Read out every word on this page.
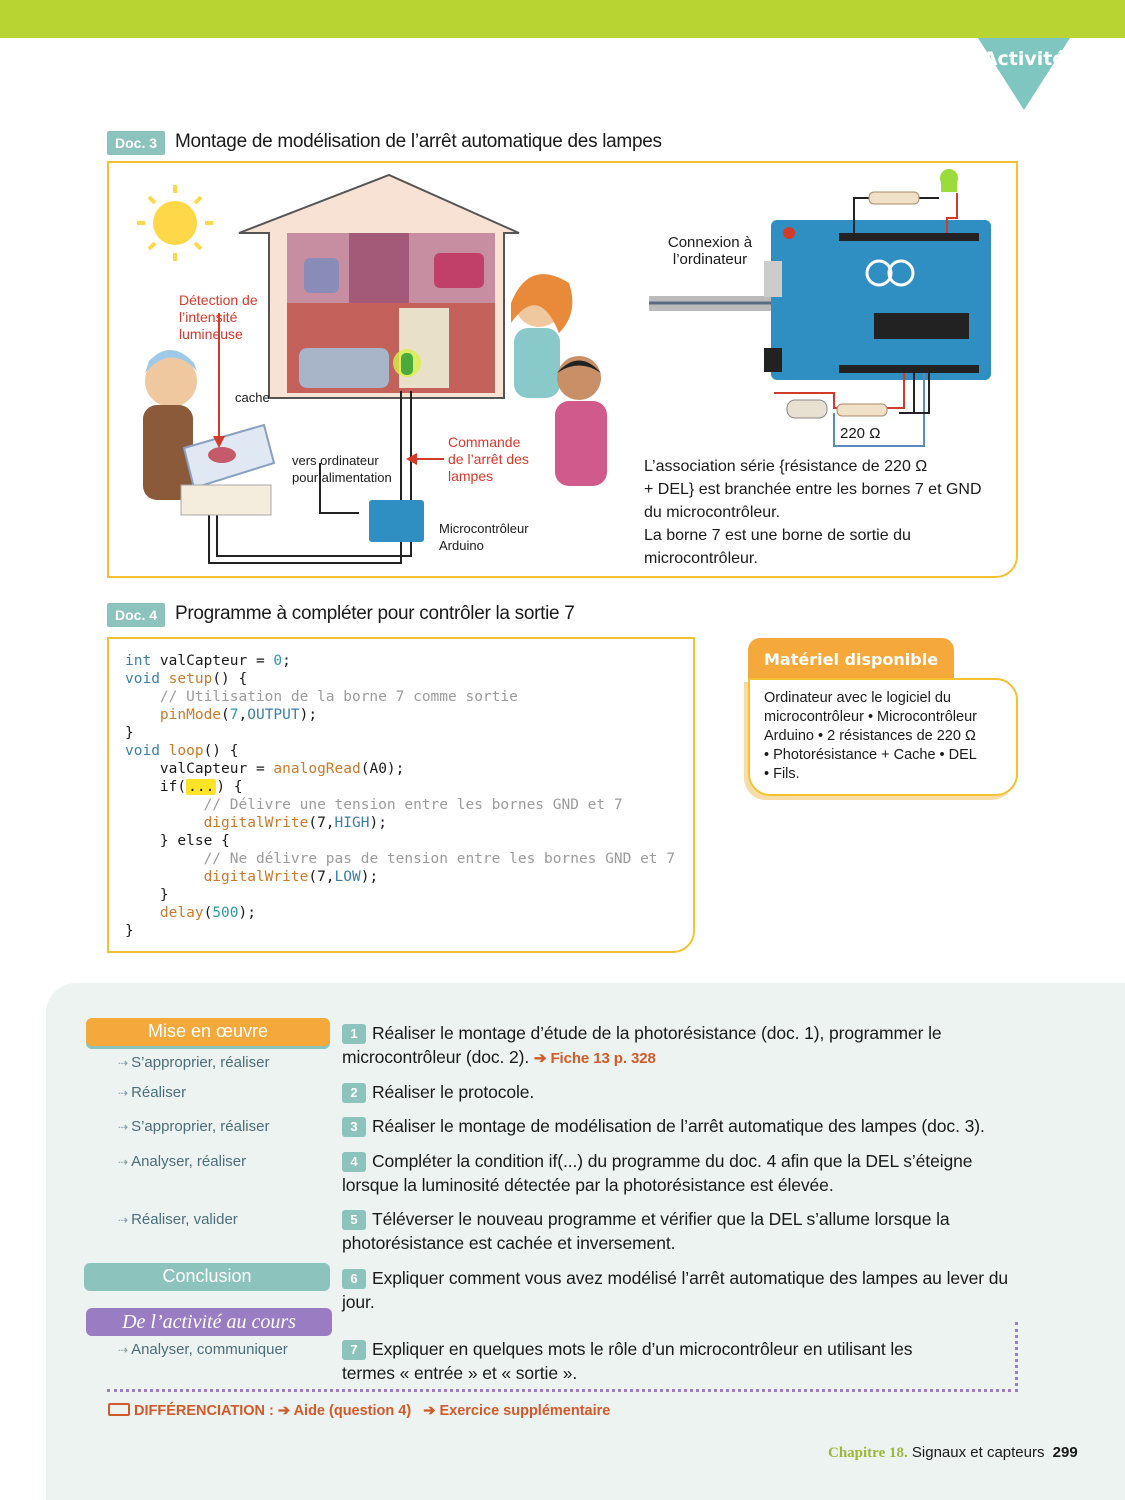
Activité
Doc. 3 Montage de modélisation de l’arrêt automatique des lampes
Détection de l’intensité lumineuse
cache
vers ordinateur pour alimentation
Commande de l’arrêt des lampes
Microcontrôleur Arduino
Connexion à l’ordinateur
220 Ω
L’association série {résistance de 220 Ω
+ DEL} est branchée entre les bornes 7 et GND
du microcontrôleur.
La borne 7 est une borne de sortie du
microcontrôleur.
Doc. 4 Programme à compléter pour contrôler la sortie 7
int valCapteur = 0;
void setup() {
// Utilisation de la borne 7 comme sortie
pinMode(7,OUTPUT);
}
void loop() {
valCapteur = analogRead(A0);
if( ... ) {
// Délivre une tension entre les bornes GND et 7
digitalWrite(7,HIGH);
} else {
// Ne délivre pas de tension entre les bornes GND et 7
digitalWrite(7,LOW);
}
delay(500);
}
Matériel disponible
Ordinateur avec le logiciel du
microcontrôleur • Microcontrôleur
Arduino • 2 résistances de 220 Ω
• Photorésistance + Cache • DEL
• Fils.
Mise en œuvre
Conclusion
De l’activité au cours
⇢ S’approprier, réaliser
⇢ Réaliser
⇢ S’approprier, réaliser
⇢ Analyser, réaliser
⇢ Réaliser, valider
⇢ Analyser, communiquer
1 Réaliser le montage d’étude de la photorésistance (doc. 1), programmer le microcontrôleur (doc. 2). ➔ Fiche 13 p. 328
2 Réaliser le protocole.
3 Réaliser le montage de modélisation de l’arrêt automatique des lampes (doc. 3).
4 Compléter la condition if(...) du programme du doc. 4 afin que la DEL s’éteigne lorsque la luminosité détectée par la photorésistance est élevée.
5 Téléverser le nouveau programme et vérifier que la DEL s’allume lorsque la photorésistance est cachée et inversement.
6 Expliquer comment vous avez modélisé l’arrêt automatique des lampes au lever du jour.
7 Expliquer en quelques mots le rôle d’un microcontrôleur en utilisant les termes « entrée » et « sortie ».
DIFFÉRENCIATION : ➔ Aide (question 4) ➔ Exercice supplémentaire
Chapitre 18. Signaux et capteurs 299
